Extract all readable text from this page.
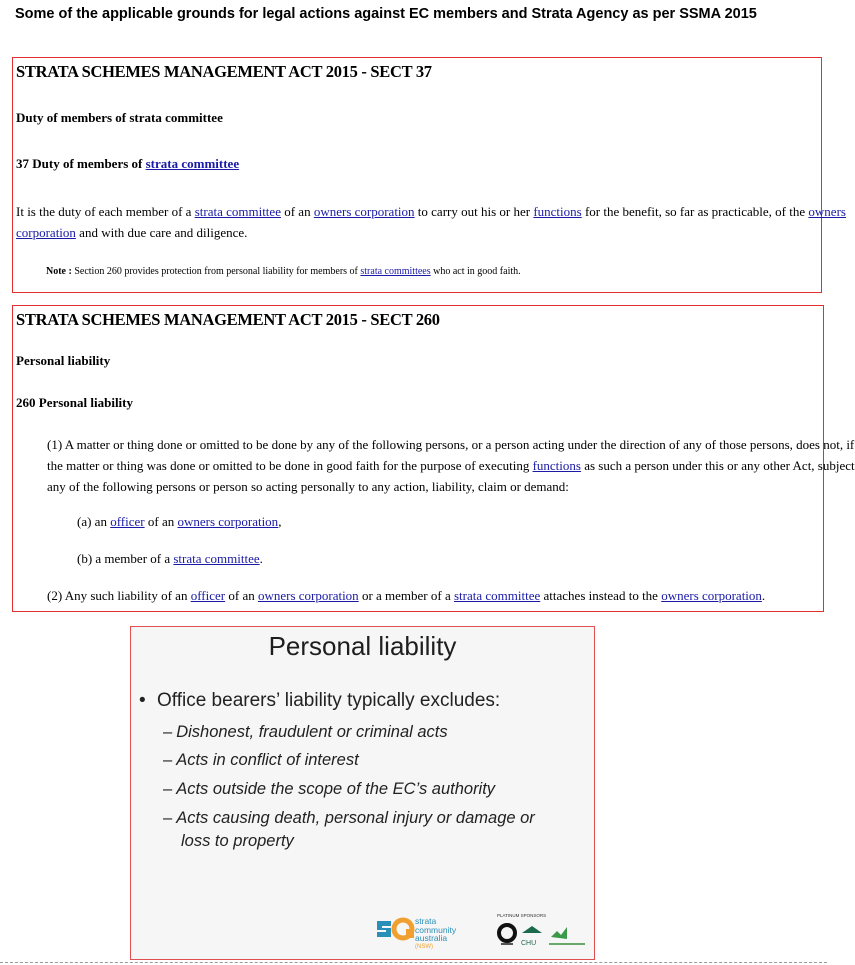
Some of the applicable grounds for legal actions against EC members and Strata Agency as per SSMA 2015
STRATA SCHEMES MANAGEMENT ACT 2015 - SECT 37
Duty of members of strata committee
37 Duty of members of strata committee
It is the duty of each member of a strata committee of an owners corporation to carry out his or her functions for the benefit, so far as practicable, of the owners
corporation and with due care and diligence.
Note : Section 260 provides protection from personal liability for members of strata committees who act in good faith.
STRATA SCHEMES MANAGEMENT ACT 2015 - SECT 260
Personal liability
260 Personal liability
(1) A matter or thing done or omitted to be done by any of the following persons, or a person acting under the direction of any of those persons, does not, if
the matter or thing was done or omitted to be done in good faith for the purpose of executing functions as such a person under this or any other Act, subject
any of the following persons or person so acting personally to any action, liability, claim or demand:
(a) an officer of an owners corporation,
(b) a member of a strata committee.
(2) Any such liability of an officer of an owners corporation or a member of a strata committee attaches instead to the owners corporation.
Personal liability
• Office bearers’ liability typically excludes:
– Dishonest, fraudulent or criminal acts
– Acts in conflict of interest
– Acts outside the scope of the EC’s authority
– Acts causing death, personal injury or damage or
loss to property
strata
community
australia
(NSW)
PLATINUM SPONSORS
CHU
